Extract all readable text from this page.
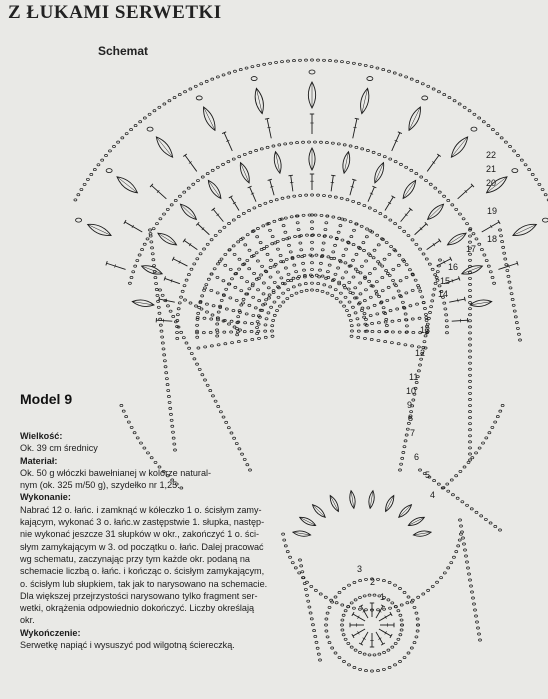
Z ŁUKAMI SERWETKI
Schemat
22
21
20
19
18
17
16
15
14
13
12
11
10
9
8
7
6
5
4
3
2
1
Model 9

Wielkość:

Ok. 39 cm średnicy

Materiał:

Ok. 50 g włóczki bawełnianej w kolorze natural-

nym (ok. 325 m/50 g), szydełko nr 1,25.

Wykonanie:

Nabrać 12 o. łańc. i zamknąć w kółeczko 1 o. ścisłym zamy-

kającym, wykonać 3 o. łańc.w zastępstwie 1. słupka, następ-

nie wykonać jeszcze 31 słupków w okr., zakończyć 1 o. ści-

słym zamykającym w 3. od początku o. łańc. Dalej pracować

wg schematu, zaczynając przy tym każde okr. podaną na

schemacie liczbą o. łańc. i kończąc o. ścisłym zamykającym,

o. ścisłym lub słupkiem, tak jak to narysowano na schemacie.

Dla większej przejrzystości narysowano tylko fragment ser-

wetki, okrążenia odpowiednio dokończyć. Liczby określają

okr.

Wykończenie:

Serwetkę napiąć i wysuszyć pod wilgotną ściereczką.
